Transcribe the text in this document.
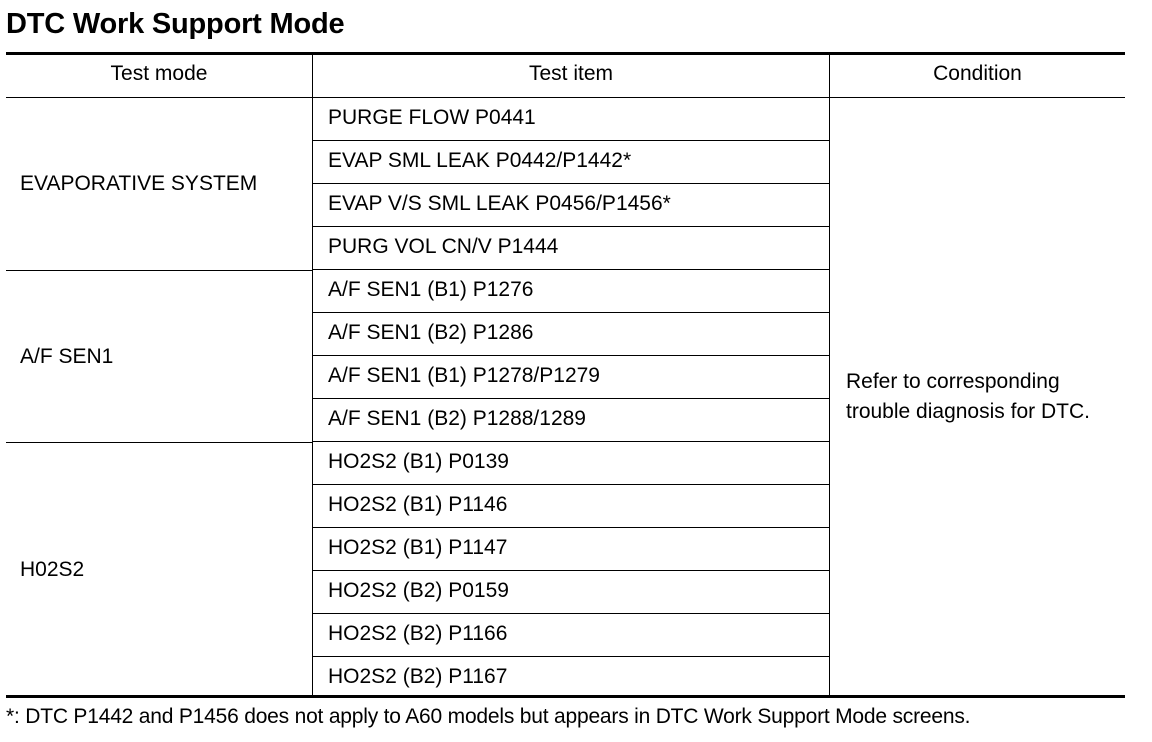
DTC Work Support Mode
Test mode	Test item	Condition
EVAPORATIVE SYSTEM
A/F SEN1
H02S2
PURGE FLOW P0441
EVAP SML LEAK P0442/P1442*
EVAP V/S SML LEAK P0456/P1456*
PURG VOL CN/V P1444
A/F SEN1 (B1) P1276
A/F SEN1 (B2) P1286
A/F SEN1 (B1) P1278/P1279
A/F SEN1 (B2) P1288/1289
HO2S2 (B1) P0139
HO2S2 (B1) P1146
HO2S2 (B1) P1147
HO2S2 (B2) P0159
HO2S2 (B2) P1166
HO2S2 (B2) P1167
Refer to corresponding
trouble diagnosis for DTC.
*: DTC P1442 and P1456 does not apply to A60 models but appears in DTC Work Support Mode screens.
